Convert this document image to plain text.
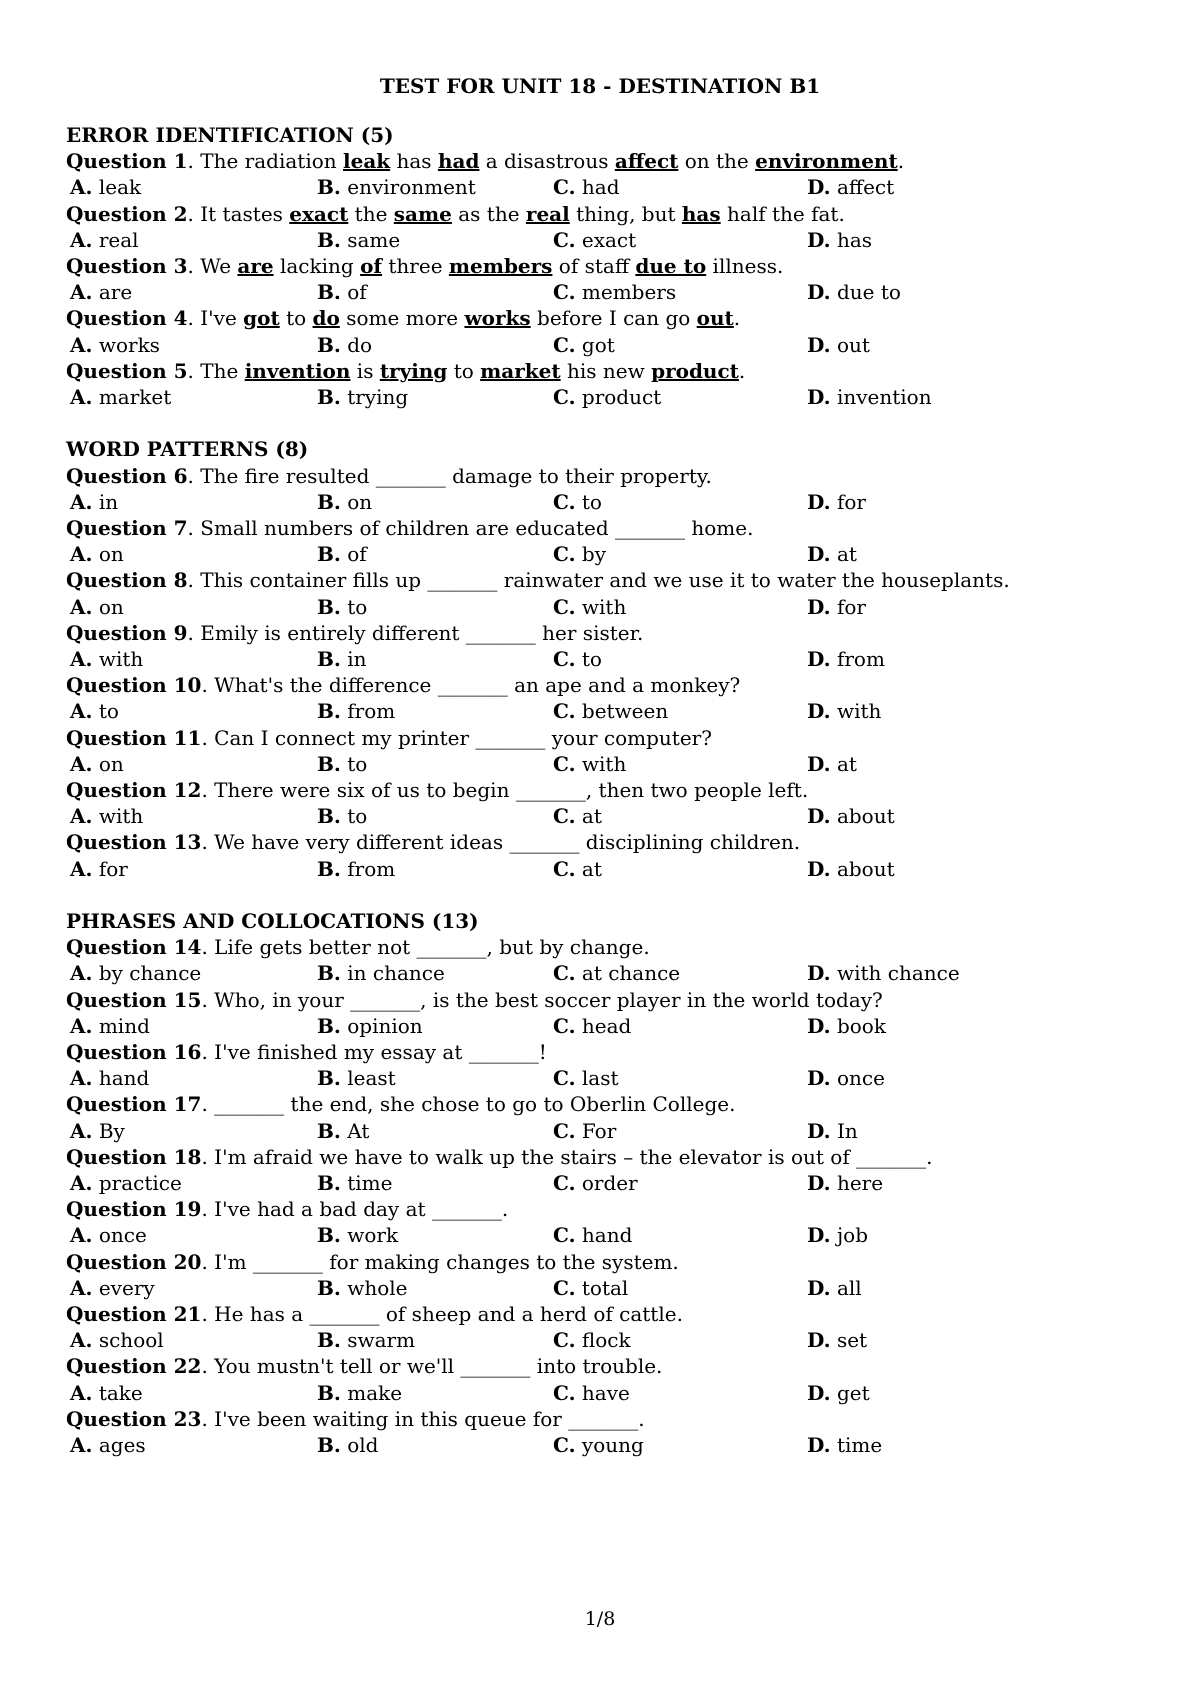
TEST FOR UNIT 18 - DESTINATION B1
ERROR IDENTIFICATION (5)
Question 1. The radiation leak has had a disastrous affect on the environment.
A. leak	B. environment	C. had	D. affect
Question 2. It tastes exact the same as the real thing, but has half the fat.
A. real	B. same	C. exact	D. has
Question 3. We are lacking of three members of staff due to illness.
A. are	B. of	C. members	D. due to
Question 4. I've got to do some more works before I can go out.
A. works	B. do	C. got	D. out
Question 5. The invention is trying to market his new product.
A. market	B. trying	C. product	D. invention
WORD PATTERNS (8)
Question 6. The fire resulted _______ damage to their property.
A. in	B. on	C. to	D. for
Question 7. Small numbers of children are educated _______ home.
A. on	B. of	C. by	D. at
Question 8. This container fills up _______ rainwater and we use it to water the houseplants.
A. on	B. to	C. with	D. for
Question 9. Emily is entirely different _______ her sister.
A. with	B. in	C. to	D. from
Question 10. What's the difference _______ an ape and a monkey?
A. to	B. from	C. between	D. with
Question 11. Can I connect my printer _______ your computer?
A. on	B. to	C. with	D. at
Question 12. There were six of us to begin _______, then two people left.
A. with	B. to	C. at	D. about
Question 13. We have very different ideas _______ disciplining children.
A. for	B. from	C. at	D. about
PHRASES AND COLLOCATIONS (13)
Question 14. Life gets better not _______, but by change.
A. by chance	B. in chance	C. at chance	D. with chance
Question 15. Who, in your _______, is the best soccer player in the world today?
A. mind	B. opinion	C. head	D. book
Question 16. I've finished my essay at _______!
A. hand	B. least	C. last	D. once
Question 17. _______ the end, she chose to go to Oberlin College.
A. By	B. At	C. For	D. In
Question 18. I'm afraid we have to walk up the stairs – the elevator is out of _______.
A. practice	B. time	C. order	D. here
Question 19. I've had a bad day at _______.
A. once	B. work	C. hand	D. job
Question 20. I'm _______ for making changes to the system.
A. every	B. whole	C. total	D. all
Question 21. He has a _______ of sheep and a herd of cattle.
A. school	B. swarm	C. flock	D. set
Question 22. You mustn't tell or we'll _______ into trouble.
A. take	B. make	C. have	D. get
Question 23. I've been waiting in this queue for _______.
A. ages	B. old	C. young	D. time
1/8
